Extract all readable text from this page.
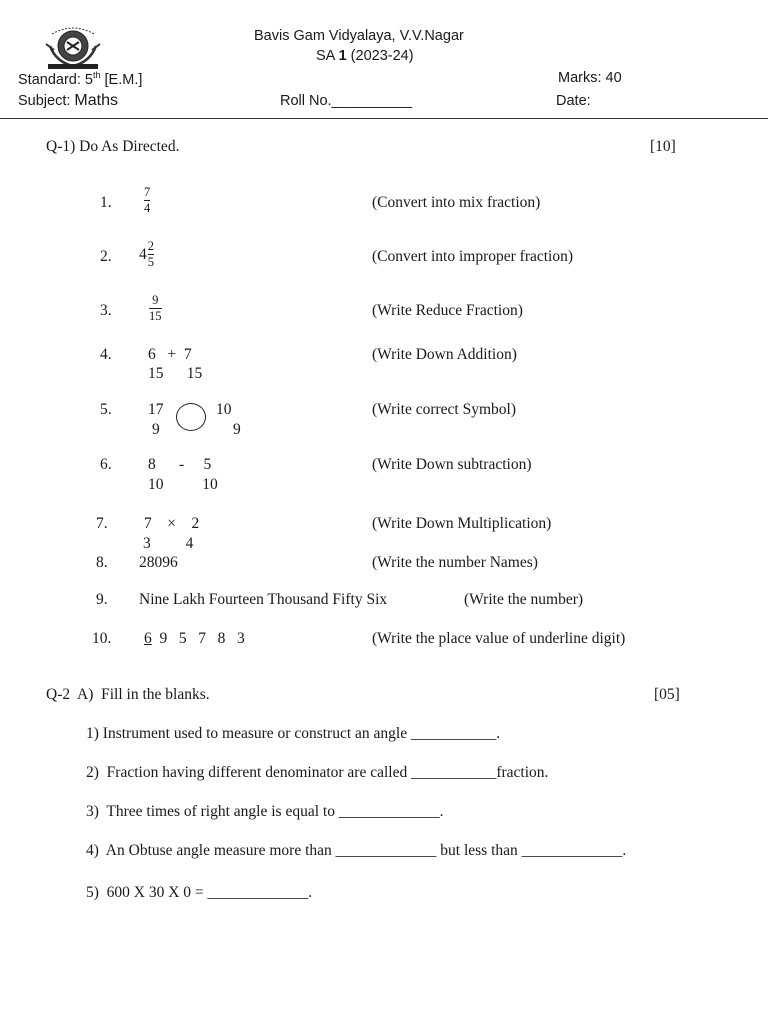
Bavis Gam Vidyalaya, V.V.Nagar
SA 1 (2023-24)
Standard: 5th [E.M.]	Marks: 40
Subject: Maths	Roll No.__________	Date:
Q-1) Do As Directed.	[10]
1.
7
4	(Convert into mix fraction)
2. $4 \frac{2}{5}$	(Convert into improper fraction)
3.
9
15	(Write Reduce Fraction)
4. 6   +  7
15      15
(Write Down Addition)
5. 17
9
10
9
(Write correct Symbol)
6. 8      -     5
10          10
(Write Down subtraction)
7. 7    ×    2
3         4
(Write Down Multiplication)
8. 28096	(Write the number Names)
9. Nine Lakh Fourteen Thousand Fifty Six	(Write the number)
10. 6  9   5   7   8   3	(Write the place value of underline digit)
Q-2  A)  Fill in the blanks.	[05]
1) Instrument used to measure or construct an angle ___________.
2)  Fraction having different denominator are called ___________fraction.
3)  Three times of right angle is equal to _____________.
4)  An Obtuse angle measure more than _____________ but less than _____________.
5)  600 X 30 X 0 = _____________.
